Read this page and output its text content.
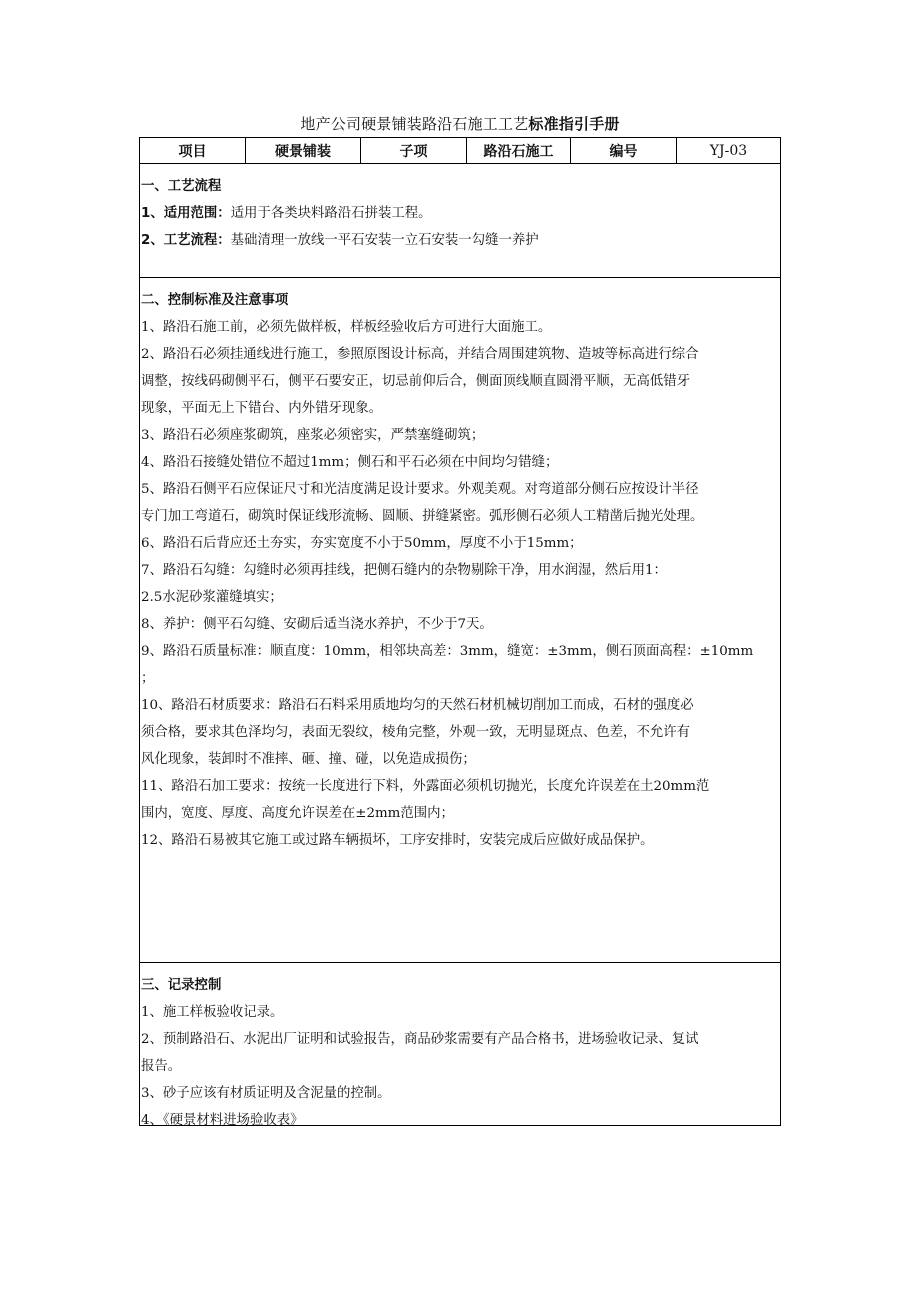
地产公司硬景铺装路沿石施工工艺标准指引手册
项目	硬景铺装	子项	路沿石施工	编号	YJ-03
一、工艺流程
1、适用范围：适用于各类块料路沿石拼装工程。
2、工艺流程：基础清理一放线一平石安装一立石安装一勾缝一养护
二、控制标准及注意事项
1、路沿石施工前，必须先做样板，样板经验收后方可进行大面施工。
2、路沿石必须挂通线进行施工，参照原图设计标高，并结合周围建筑物、造坡等标高进行综合
调整，按线码砌侧平石，侧平石要安正，切忌前仰后合，侧面顶线顺直圆滑平顺，无高低错牙
现象，平面无上下错台、内外错牙现象。
3、路沿石必须座浆砌筑，座浆必须密实，严禁塞缝砌筑；
4、路沿石接缝处错位不超过1mm；侧石和平石必须在中间均匀错缝；
5、路沿石侧平石应保证尺寸和光洁度满足设计要求。外观美观。对弯道部分侧石应按设计半径
专门加工弯道石，砌筑时保证线形流畅、圆顺、拼缝紧密。弧形侧石必须人工精凿后抛光处理。
6、路沿石后背应还土夯实，夯实宽度不小于50mm，厚度不小于15mm；
7、路沿石勾缝：勾缝时必须再挂线，把侧石缝内的杂物剔除干净，用水润湿，然后用1：
2.5水泥砂浆灌缝填实；
8、养护：侧平石勾缝、安砌后适当浇水养护，不少于7天。
9、路沿石质量标准：顺直度：10mm，相邻块高差：3mm，缝宽：±3mm，侧石顶面高程：±10mm
；
10、路沿石材质要求：路沿石石料采用质地均匀的天然石材机械切削加工而成，石材的强度必
须合格，要求其色泽均匀，表面无裂纹，棱角完整，外观一致，无明显斑点、色差，不允许有
风化现象，装卸时不准摔、砸、撞、碰，以免造成损伤；
11、路沿石加工要求：按统一长度进行下料，外露面必须机切抛光，长度允许误差在土20mm范
围内，宽度、厚度、高度允许误差在±2mm范围内；
12、路沿石易被其它施工或过路车辆损坏，工序安排时，安装完成后应做好成品保护。
三、记录控制
1、施工样板验收记录。
2、预制路沿石、水泥出厂证明和试验报告，商品砂浆需要有产品合格书，进场验收记录、复试
报告。
3、砂子应该有材质证明及含泥量的控制。
4、《硬景材料进场验收表》
